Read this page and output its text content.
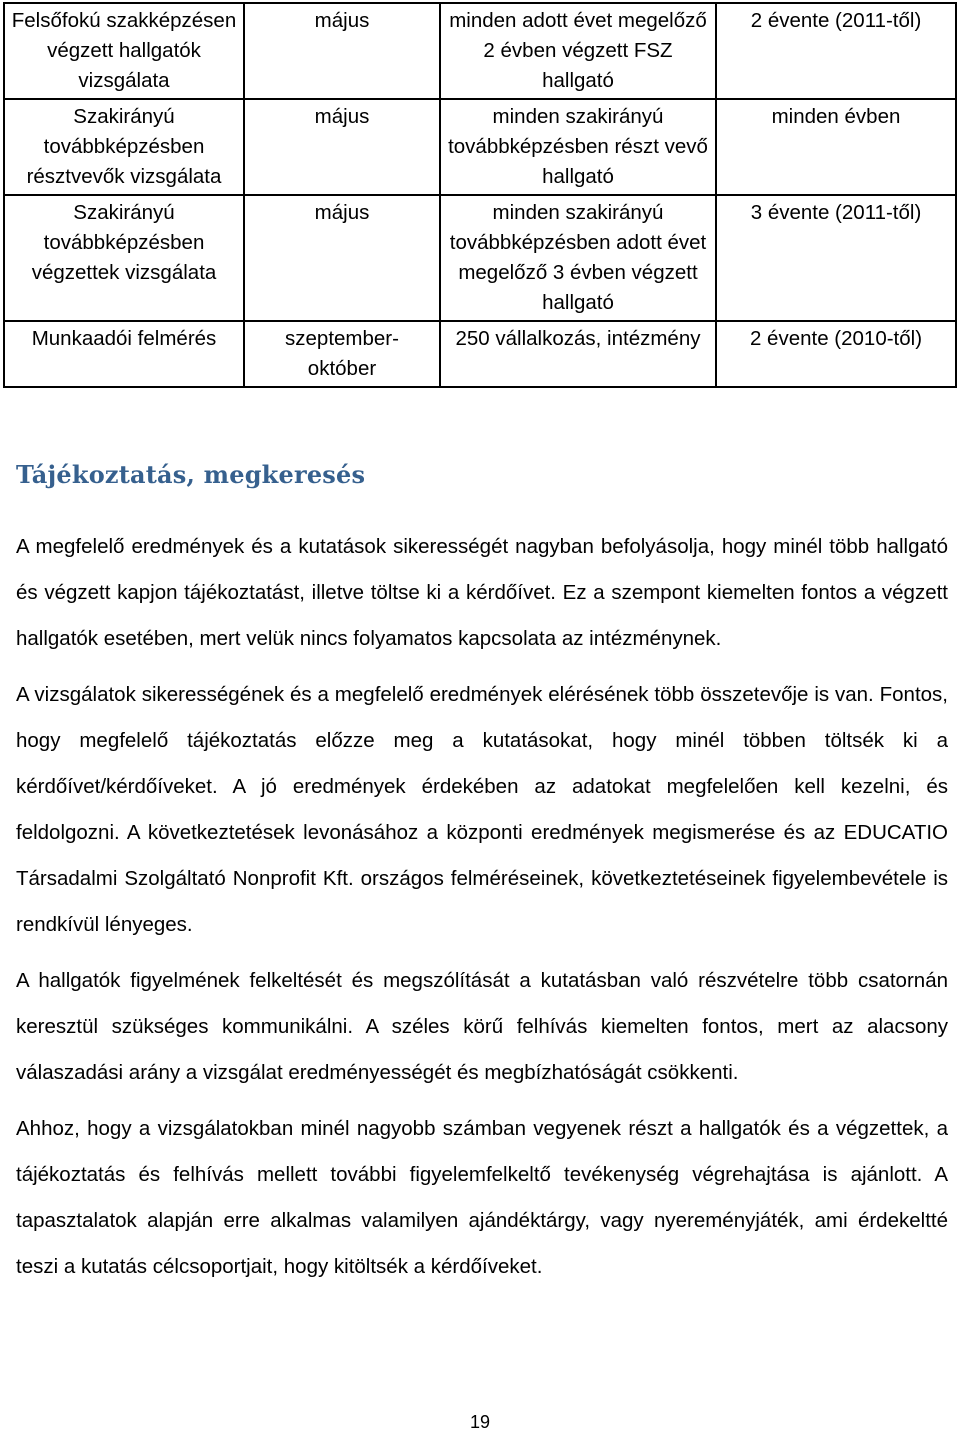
Felsőfokú szakképzésen végzett hallgatók vizsgálata	május	minden adott évet megelőző 2 évben végzett FSZ hallgató	2 évente (2011-től)
Szakirányú továbbképzésben résztvevők vizsgálata	május	minden szakirányú továbbképzésben részt vevő hallgató	minden évben
Szakirányú továbbképzésben végzettek vizsgálata	május	minden szakirányú továbbképzésben adott évet megelőző 3 évben végzett hallgató	3 évente (2011-től)
Munkaadói felmérés	szeptember-október	250 vállalkozás, intézmény	2 évente (2010-től)
Tájékoztatás, megkeresés

A megfelelő eredmények és a kutatások sikerességét nagyban befolyásolja, hogy minél több hallgató és végzett kapjon tájékoztatást, illetve töltse ki a kérdőívet. Ez a szempont kiemelten fontos a végzett hallgatók esetében, mert velük nincs folyamatos kapcsolata az intézménynek.

A vizsgálatok sikerességének és a megfelelő eredmények elérésének több összetevője is van. Fontos, hogy megfelelő tájékoztatás előzze meg a kutatásokat, hogy minél többen töltsék ki a kérdőívet/kérdőíveket. A jó eredmények érdekében az adatokat megfelelően kell kezelni, és feldolgozni. A következtetések levonásához a központi eredmények megismerése és az EDUCATIO Társadalmi Szolgáltató Nonprofit Kft. országos felméréseinek, következtetéseinek figyelembevétele is rendkívül lényeges.

A hallgatók figyelmének felkeltését és megszólítását a kutatásban való részvételre több csatornán keresztül szükséges kommunikálni. A széles körű felhívás kiemelten fontos, mert az alacsony válaszadási arány a vizsgálat eredményességét és megbízhatóságát csökkenti.

Ahhoz, hogy a vizsgálatokban minél nagyobb számban vegyenek részt a hallgatók és a végzettek, a tájékoztatás és felhívás mellett további figyelemfelkeltő tevékenység végrehajtása is ajánlott. A tapasztalatok alapján erre alkalmas valamilyen ajándéktárgy, vagy nyereményjáték, ami érdekeltté teszi a kutatás célcsoportjait, hogy kitöltsék a kérdőíveket.

19
